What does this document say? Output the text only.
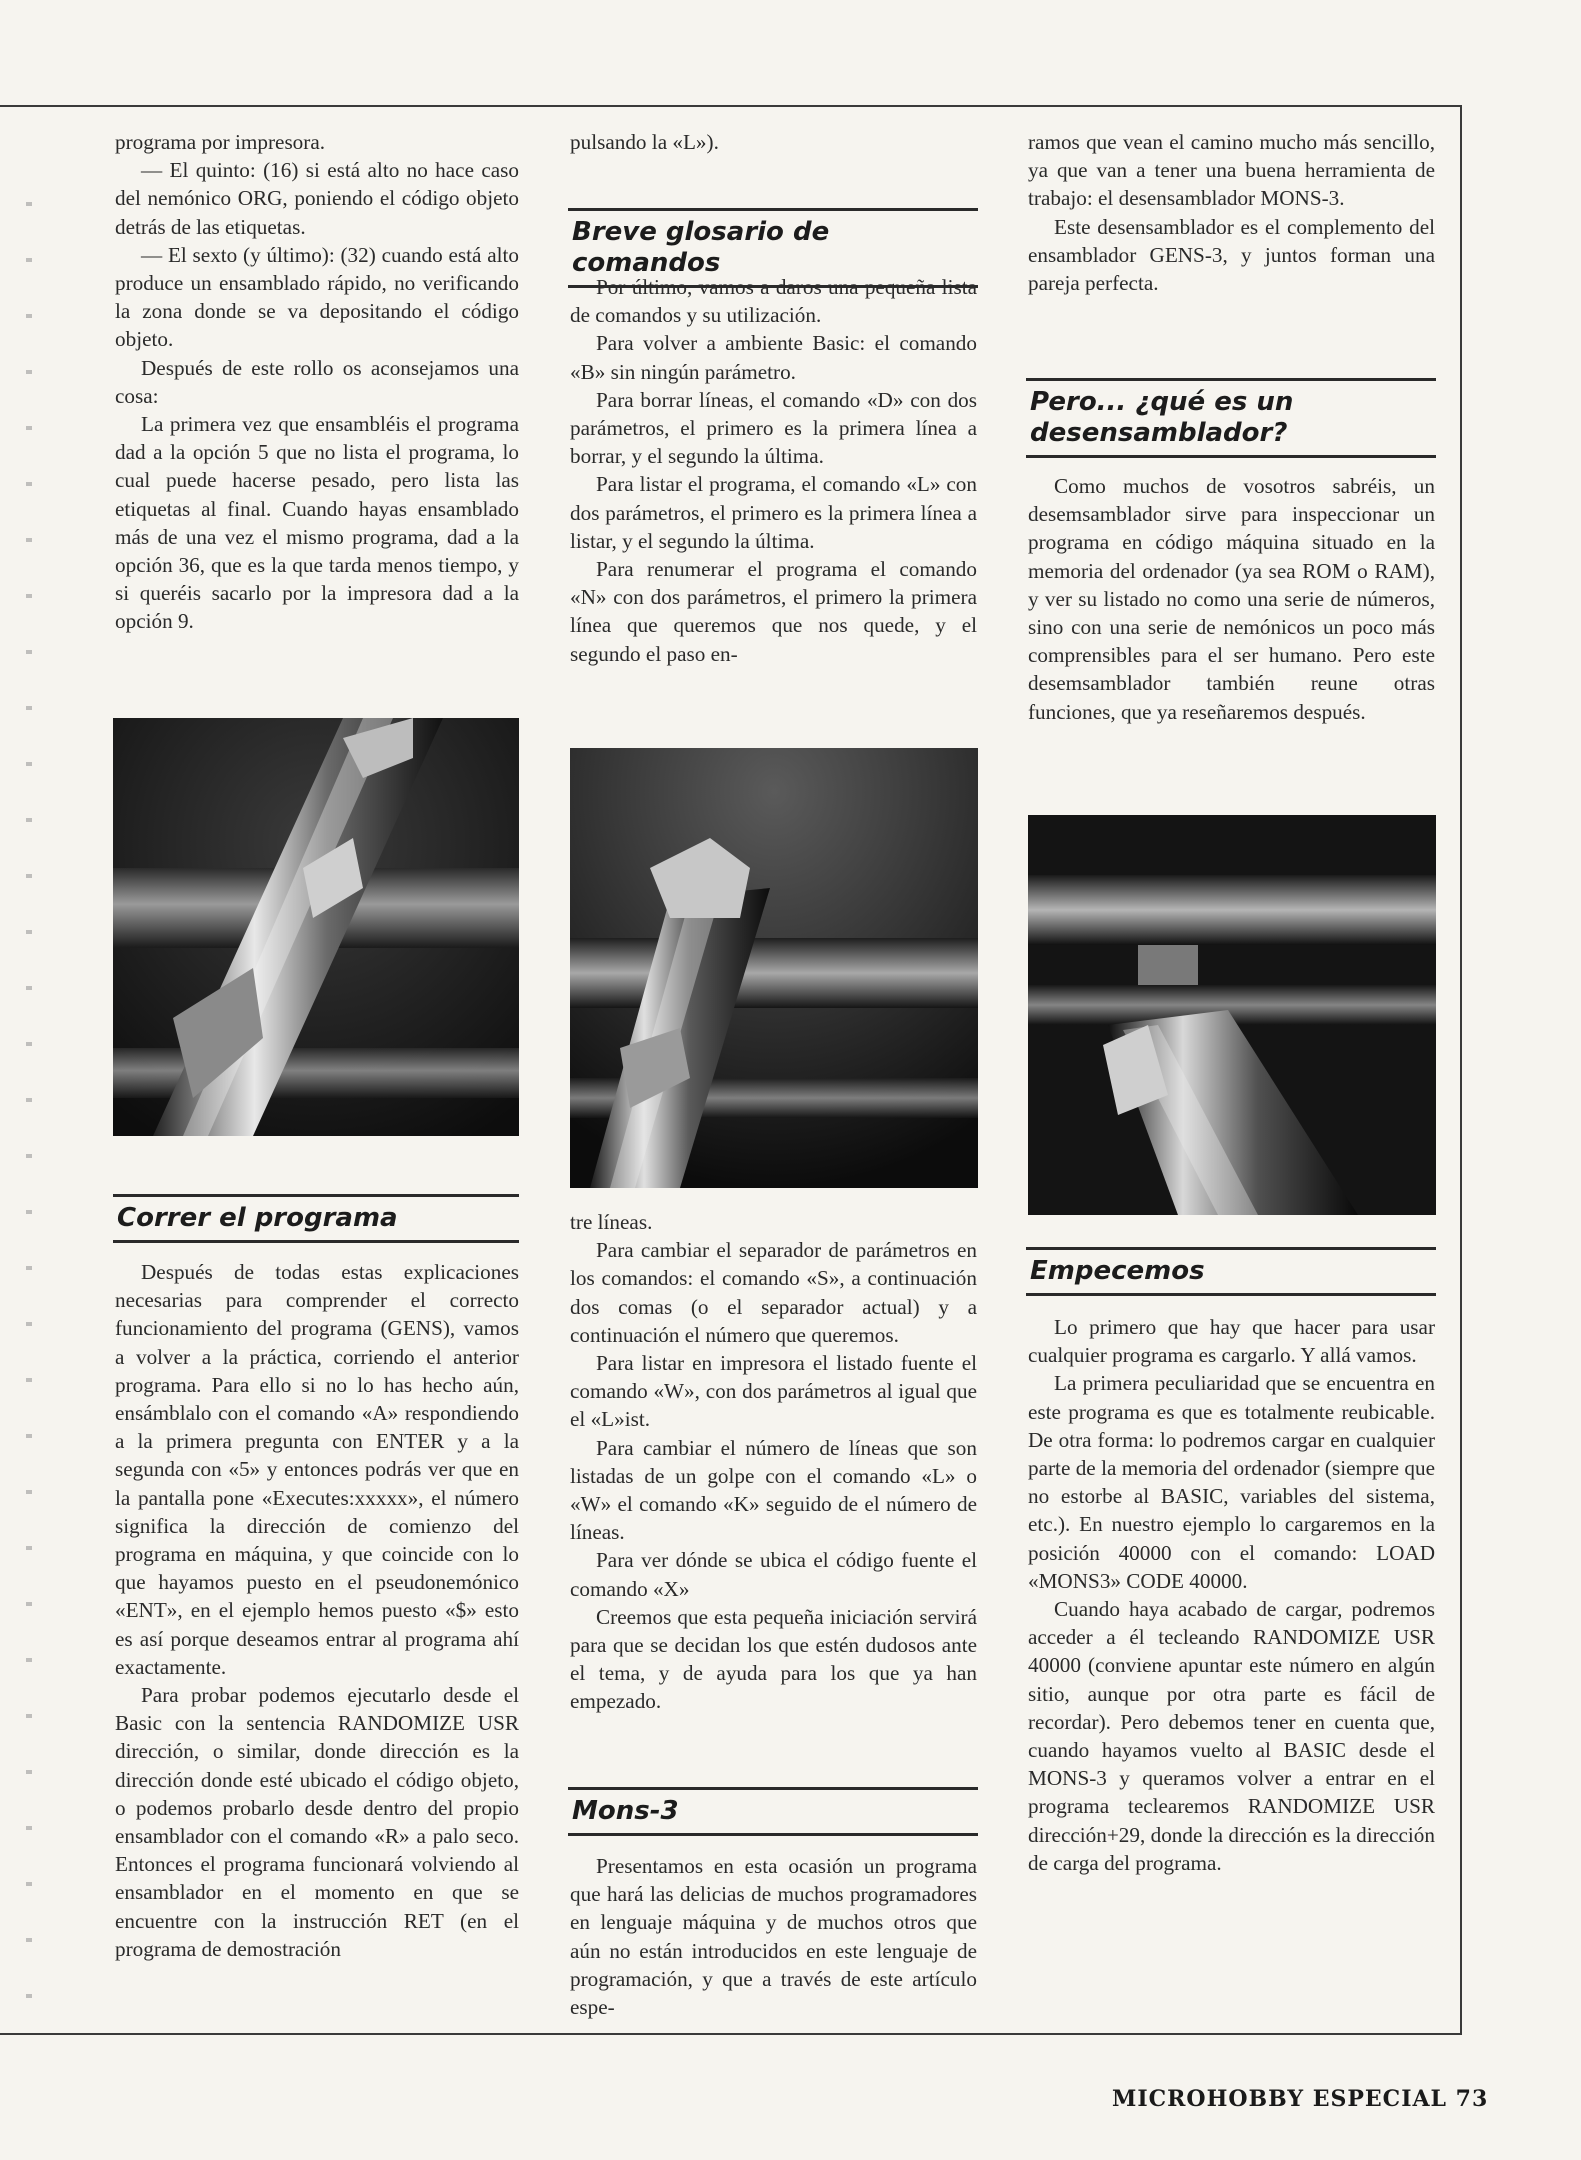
programa por impresora.

— El quinto: (16) si está alto no hace caso del nemónico ORG, poniendo el código objeto detrás de las etiquetas.

— El sexto (y último): (32) cuando está alto produce un ensamblado rápido, no verificando la zona donde se va depositando el código objeto.

Después de este rollo os aconsejamos una cosa:

La primera vez que ensambléis el programa dad a la opción 5 que no lista el programa, lo cual puede hacerse pesado, pero lista las etiquetas al final. Cuando hayas ensamblado más de una vez el mismo programa, dad a la opción 36, que es la que tarda menos tiempo, y si queréis sacarlo por la impresora dad a la opción 9.

Correr el programa

Después de todas estas explicaciones necesarias para comprender el correcto funcionamiento del programa (GENS), vamos a volver a la práctica, corriendo el anterior programa. Para ello si no lo has hecho aún, ensámblalo con el comando «A» respondiendo a la primera pregunta con ENTER y a la segunda con «5» y entonces podrás ver que en la pantalla pone «Executes:xxxxx», el número significa la dirección de comienzo del programa en máquina, y que coincide con lo que hayamos puesto en el pseudonemónico «ENT», en el ejemplo hemos puesto «$» esto es así porque deseamos entrar al programa ahí exactamente.

Para probar podemos ejecutarlo desde el Basic con la sentencia RANDOMIZE USR dirección, o similar, donde dirección es la dirección donde esté ubicado el código objeto, o podemos probarlo desde dentro del propio ensamblador con el comando «R» a palo seco. Entonces el programa funcionará volviendo al ensamblador en el momento en que se encuentre con la instrucción RET (en el programa de demostración

pulsando la «L»).

Breve glosario de comandos

Por último, vamos a daros una pequeña lista de comandos y su utilización.

Para volver a ambiente Basic: el comando «B» sin ningún parámetro.

Para borrar líneas, el comando «D» con dos parámetros, el primero es la primera línea a borrar, y el segundo la última.

Para listar el programa, el comando «L» con dos parámetros, el primero es la primera línea a listar, y el segundo la última.

Para renumerar el programa el comando «N» con dos parámetros, el primero la primera línea que queremos que nos quede, y el segundo el paso en-

tre líneas.

Para cambiar el separador de parámetros en los comandos: el comando «S», a continuación dos comas (o el separador actual) y a continuación el número que queremos.

Para listar en impresora el listado fuente el comando «W», con dos parámetros al igual que el «L»ist.

Para cambiar el número de líneas que son listadas de un golpe con el comando «L» o «W» el comando «K» seguido de el número de líneas.

Para ver dónde se ubica el código fuente el comando «X»

Creemos que esta pequeña iniciación servirá para que se decidan los que estén dudosos ante el tema, y de ayuda para los que ya han empezado.

Mons-3

Presentamos en esta ocasión un programa que hará las delicias de muchos programadores en lenguaje máquina y de muchos otros que aún no están introducidos en este lenguaje de programación, y que a través de este artículo espe-

ramos que vean el camino mucho más sencillo, ya que van a tener una buena herramienta de trabajo: el desensamblador MONS-3.

Este desensamblador es el complemento del ensamblador GENS-3, y juntos forman una pareja perfecta.

Pero... ¿qué es un desensamblador?

Como muchos de vosotros sabréis, un desemsamblador sirve para inspeccionar un programa en código máquina situado en la memoria del ordenador (ya sea ROM o RAM), y ver su listado no como una serie de números, sino con una serie de nemónicos un poco más comprensibles para el ser humano. Pero este desemsamblador también reune otras funciones, que ya reseñaremos después.

Empecemos

Lo primero que hay que hacer para usar cualquier programa es cargarlo. Y allá vamos.

La primera peculiaridad que se encuentra en este programa es que es totalmente reubicable. De otra forma: lo podremos cargar en cualquier parte de la memoria del ordenador (siempre que no estorbe al BASIC, variables del sistema, etc.). En nuestro ejemplo lo cargaremos en la posición 40000 con el comando: LOAD «MONS3» CODE 40000.

Cuando haya acabado de cargar, podremos acceder a él tecleando RANDOMIZE USR 40000 (conviene apuntar este número en algún sitio, aunque por otra parte es fácil de recordar). Pero debemos tener en cuenta que, cuando hayamos vuelto al BASIC desde el MONS-3 y queramos volver a entrar en el programa teclearemos RANDOMIZE USR dirección+29, donde la dirección es la dirección de carga del programa.

MICROHOBBY ESPECIAL 73
